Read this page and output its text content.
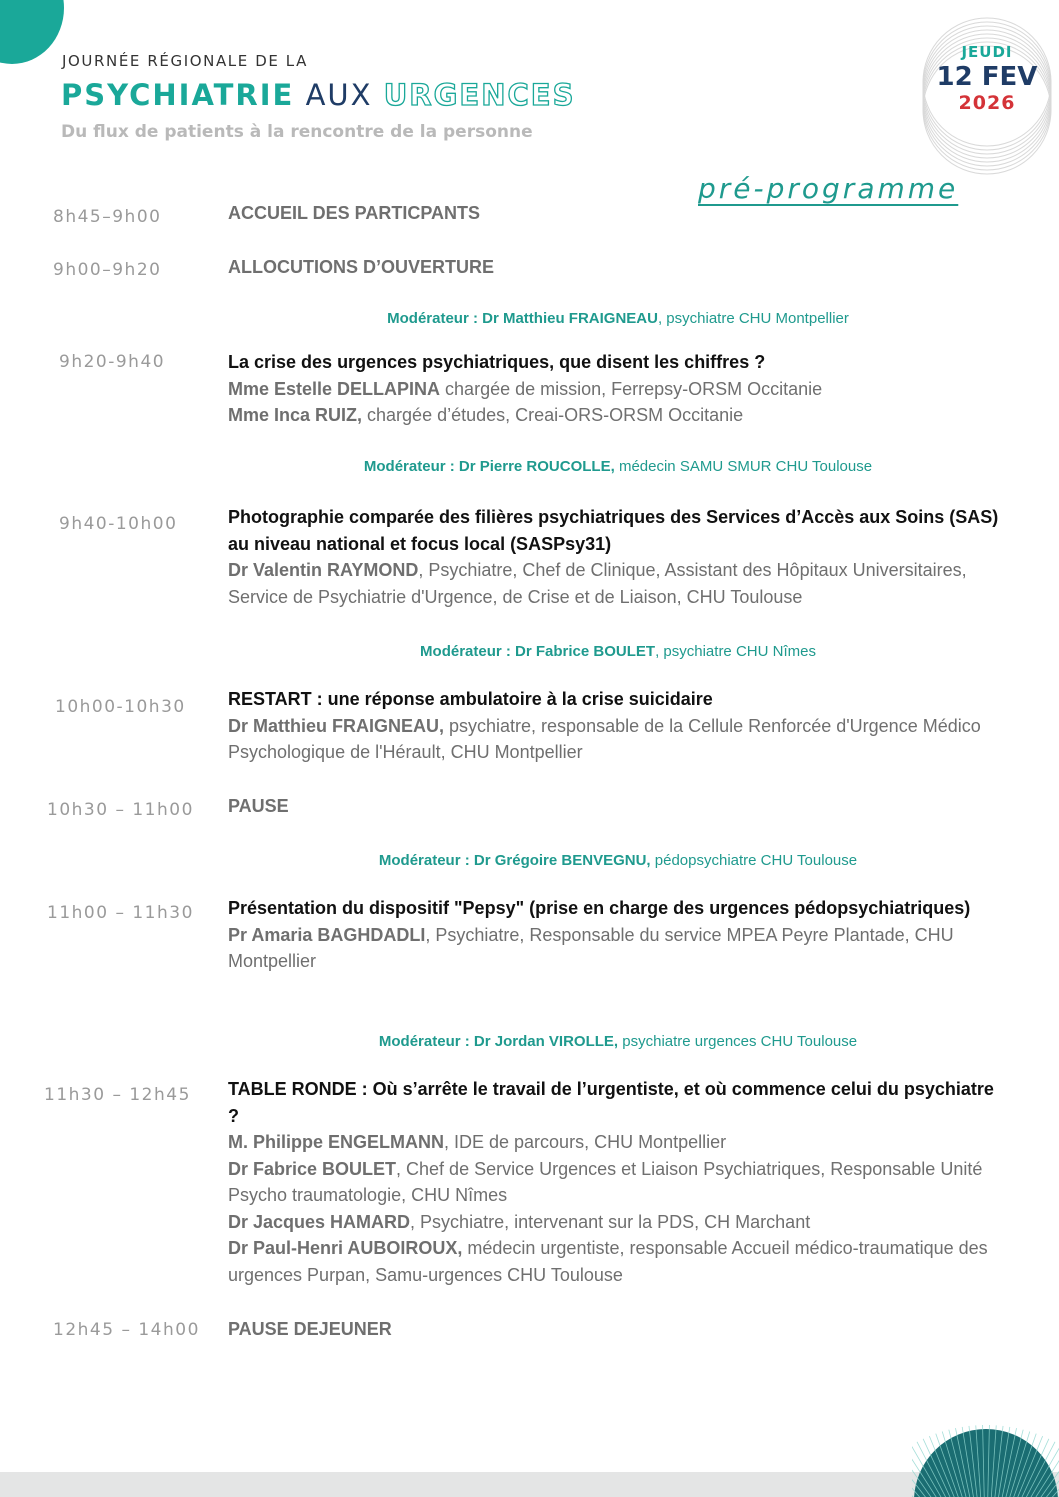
JOURNÉE RÉGIONALE DE LA
PSYCHIATRIE AUX URGENCES
Du flux de patients à la rencontre de la personne
JEUDI
12 FEV
2026
pré-programme
8h45–9h00
9h00–9h20
9h20-9h40
9h40-10h00
10h00-10h30
10h30 – 11h00
11h00 – 11h30
11h30 – 12h45
12h45 – 14h00
ACCUEIL DES PARTICPANTS
ALLOCUTIONS D’OUVERTURE
Modérateur : Dr Matthieu FRAIGNEAU, psychiatre CHU Montpellier
La crise des urgences psychiatriques, que disent les chiffres ?
Mme Estelle DELLAPINA chargée de mission, Ferrepsy-ORSM Occitanie
Mme Inca RUIZ, chargée d’études, Creai-ORS-ORSM Occitanie
Modérateur : Dr Pierre ROUCOLLE, médecin SAMU SMUR CHU Toulouse
Photographie comparée des filières psychiatriques des Services d’Accès aux Soins (SAS) au niveau national et focus local (SASPsy31)
Dr Valentin RAYMOND, Psychiatre, Chef de Clinique, Assistant des Hôpitaux Universitaires, Service de Psychiatrie d'Urgence, de Crise et de Liaison, CHU Toulouse
Modérateur : Dr Fabrice BOULET, psychiatre CHU Nîmes
RESTART : une réponse ambulatoire à la crise suicidaire
Dr Matthieu FRAIGNEAU, psychiatre, responsable de la Cellule Renforcée d'Urgence Médico Psychologique de l'Hérault, CHU Montpellier
PAUSE
Modérateur : Dr Grégoire BENVEGNU, pédopsychiatre CHU Toulouse
Présentation du dispositif "Pepsy" (prise en charge des urgences pédopsychiatriques)
Pr Amaria BAGHDADLI, Psychiatre, Responsable du service MPEA Peyre Plantade, CHU Montpellier
Modérateur : Dr Jordan VIROLLE, psychiatre urgences CHU Toulouse
TABLE RONDE : Où s’arrête le travail de l’urgentiste, et où commence celui du psychiatre ?
M. Philippe ENGELMANN, IDE de parcours, CHU Montpellier
Dr Fabrice BOULET, Chef de Service Urgences et Liaison Psychiatriques, Responsable Unité Psycho traumatologie, CHU Nîmes
Dr Jacques HAMARD, Psychiatre, intervenant sur la PDS, CH Marchant
Dr Paul-Henri AUBOIROUX, médecin urgentiste, responsable Accueil médico-traumatique des urgences Purpan, Samu-urgences CHU Toulouse
PAUSE DEJEUNER
